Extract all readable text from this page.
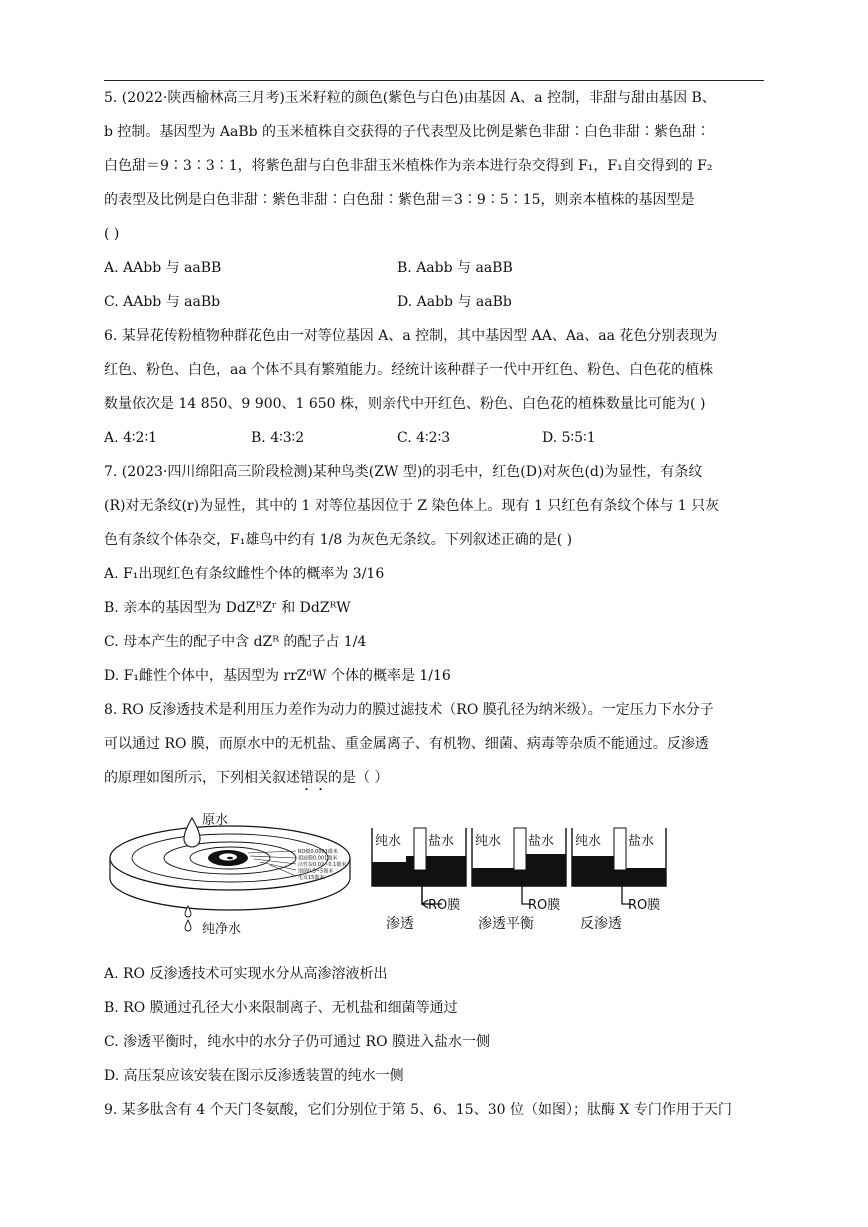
5. (2022·陕西榆林高三月考)玉米籽粒的颜色(紫色与白色)由基因 A、a 控制，非甜与甜由基因 B、
b 控制。基因型为 AaBb 的玉米植株自交获得的子代表型及比例是紫色非甜∶白色非甜∶紫色甜∶
白色甜＝9∶3∶3∶1，将紫色甜与白色非甜玉米植株作为亲本进行杂交得到 F₁，F₁自交得到的 F₂
的表型及比例是白色非甜∶紫色非甜∶白色甜∶紫色甜＝3∶9∶5∶15，则亲本植株的基因型是
( )
A. AAbb 与 aaBB	B. Aabb 与 aaBB
C. AAbb 与 aaBb	D. Aabb 与 aaBb
6. 某异花传粉植物种群花色由一对等位基因 A、a 控制，其中基因型 AA、Aa、aa 花色分别表现为
红色、粉色、白色，aa 个体不具有繁殖能力。经统计该种群子一代中开红色、粉色、白色花的植株
数量依次是 14 850、9 900、1 650 株，则亲代中开红色、粉色、白色花的植株数量比可能为( )
A. 4∶2∶1	B. 4∶3∶2	C. 4∶2∶3	D. 5∶5∶1
7. (2023·四川绵阳高三阶段检测)某种鸟类(ZW 型)的羽毛中，红色(D)对灰色(d)为显性，有条纹
(R)对无条纹(r)为显性，其中的 1 对等位基因位于 Z 染色体上。现有 1 只红色有条纹个体与 1 只灰
色有条纹个体杂交，F₁雄鸟中约有 1/8 为灰色无条纹。下列叙述正确的是( )
A. F₁出现红色有条纹雌性个体的概率为 3/16
B. 亲本的基因型为 DdZᴿZʳ 和 DdZᴿW
C. 母本产生的配子中含 dZᴿ 的配子占 1/4
D. F₁雌性个体中，基因型为 rrZᵈW 个体的概率是 1/16
8. RO 反渗透技术是利用压力差作为动力的膜过滤技术（RO 膜孔径为纳米级）。一定压力下水分子
可以通过 RO 膜，而原水中的无机盐、重金属离子、有机物、细菌、病毒等杂质不能通过。反渗透
的原理如图所示，下列相关叙述错误的是（ ）
原水
纯净水
RO膜0.0001微米
超滤膜0.001微米
活性炭0.02~0.1微米
细菌0.5~5微米
毛发15微米
纯水 盐水
RO膜
渗透
纯水 盐水
RO膜
渗透平衡
纯水 盐水
RO膜
反渗透
A. RO 反渗透技术可实现水分从高渗溶液析出
B. RO 膜通过孔径大小来限制离子、无机盐和细菌等通过
C. 渗透平衡时，纯水中的水分子仍可通过 RO 膜进入盐水一侧
D. 高压泵应该安装在图示反渗透装置的纯水一侧
9. 某多肽含有 4 个天门冬氨酸，它们分别位于第 5、6、15、30 位（如图）；肽酶 X 专门作用于天门
